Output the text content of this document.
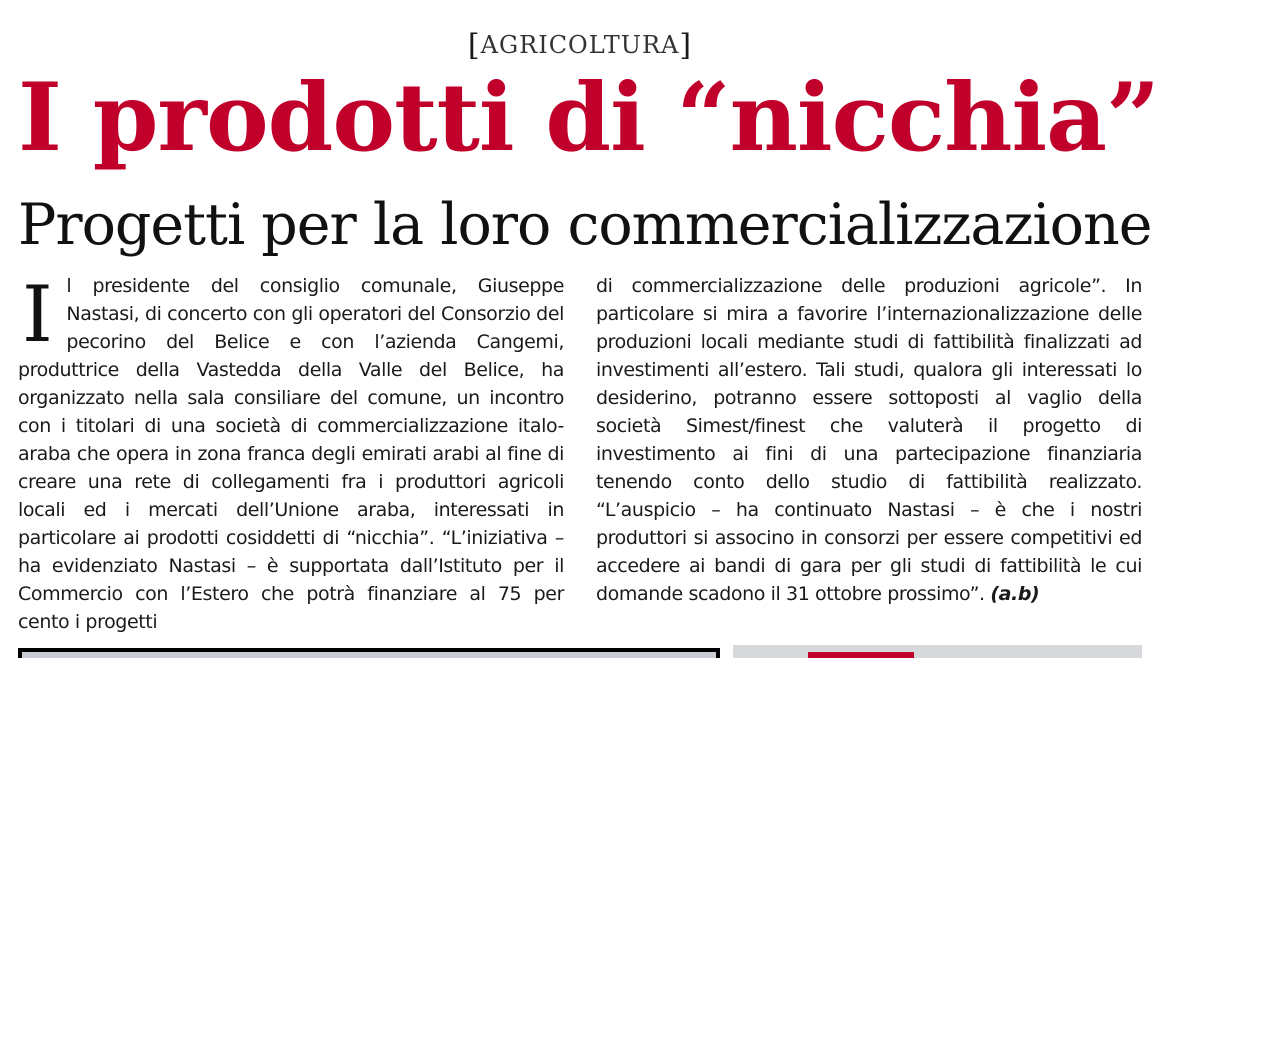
[AGRICOLTURA]
I prodotti di “nicchia”
Progetti per la loro commercializzazione
I l presidente del consiglio comunale, Giuseppe Nastasi, di concerto con gli operatori del Consorzio del pecorino del Belice e con l’azienda Cangemi, produttrice della Vastedda della Valle del Belice, ha organizzato nella sala consiliare del comune, un incontro con i titolari di una società di commercializzazione italo-araba che opera in zona franca degli emirati arabi al fine di creare una rete di collegamenti fra i produttori agricoli locali ed i mercati dell’Unione araba, interessati in particolare ai prodotti cosiddetti di “nicchia”. “L’iniziativa – ha evidenziato Nastasi – è supportata dall’Istituto per il Commercio con l’Estero che potrà finanziare al 75 per cento i progetti

di commercializzazione delle produzioni agricole”. In particolare si mira a favorire l’internazionalizzazione delle produzioni locali mediante studi di fattibilità finalizzati ad investimenti all’estero. Tali studi, qualora gli interessati lo desiderino, potranno essere sottoposti al vaglio della società Simest/finest che valuterà il progetto di investimento ai fini di una partecipazione finanziaria tenendo conto dello studio di fattibilità realizzato. “L’auspicio – ha continuato Nastasi – è che i nostri produttori si associno in consorzi per essere competitivi ed accedere ai bandi di gara per gli studi di fattibilità le cui domande scadono il 31 ottobre prossimo”. (a.b)
